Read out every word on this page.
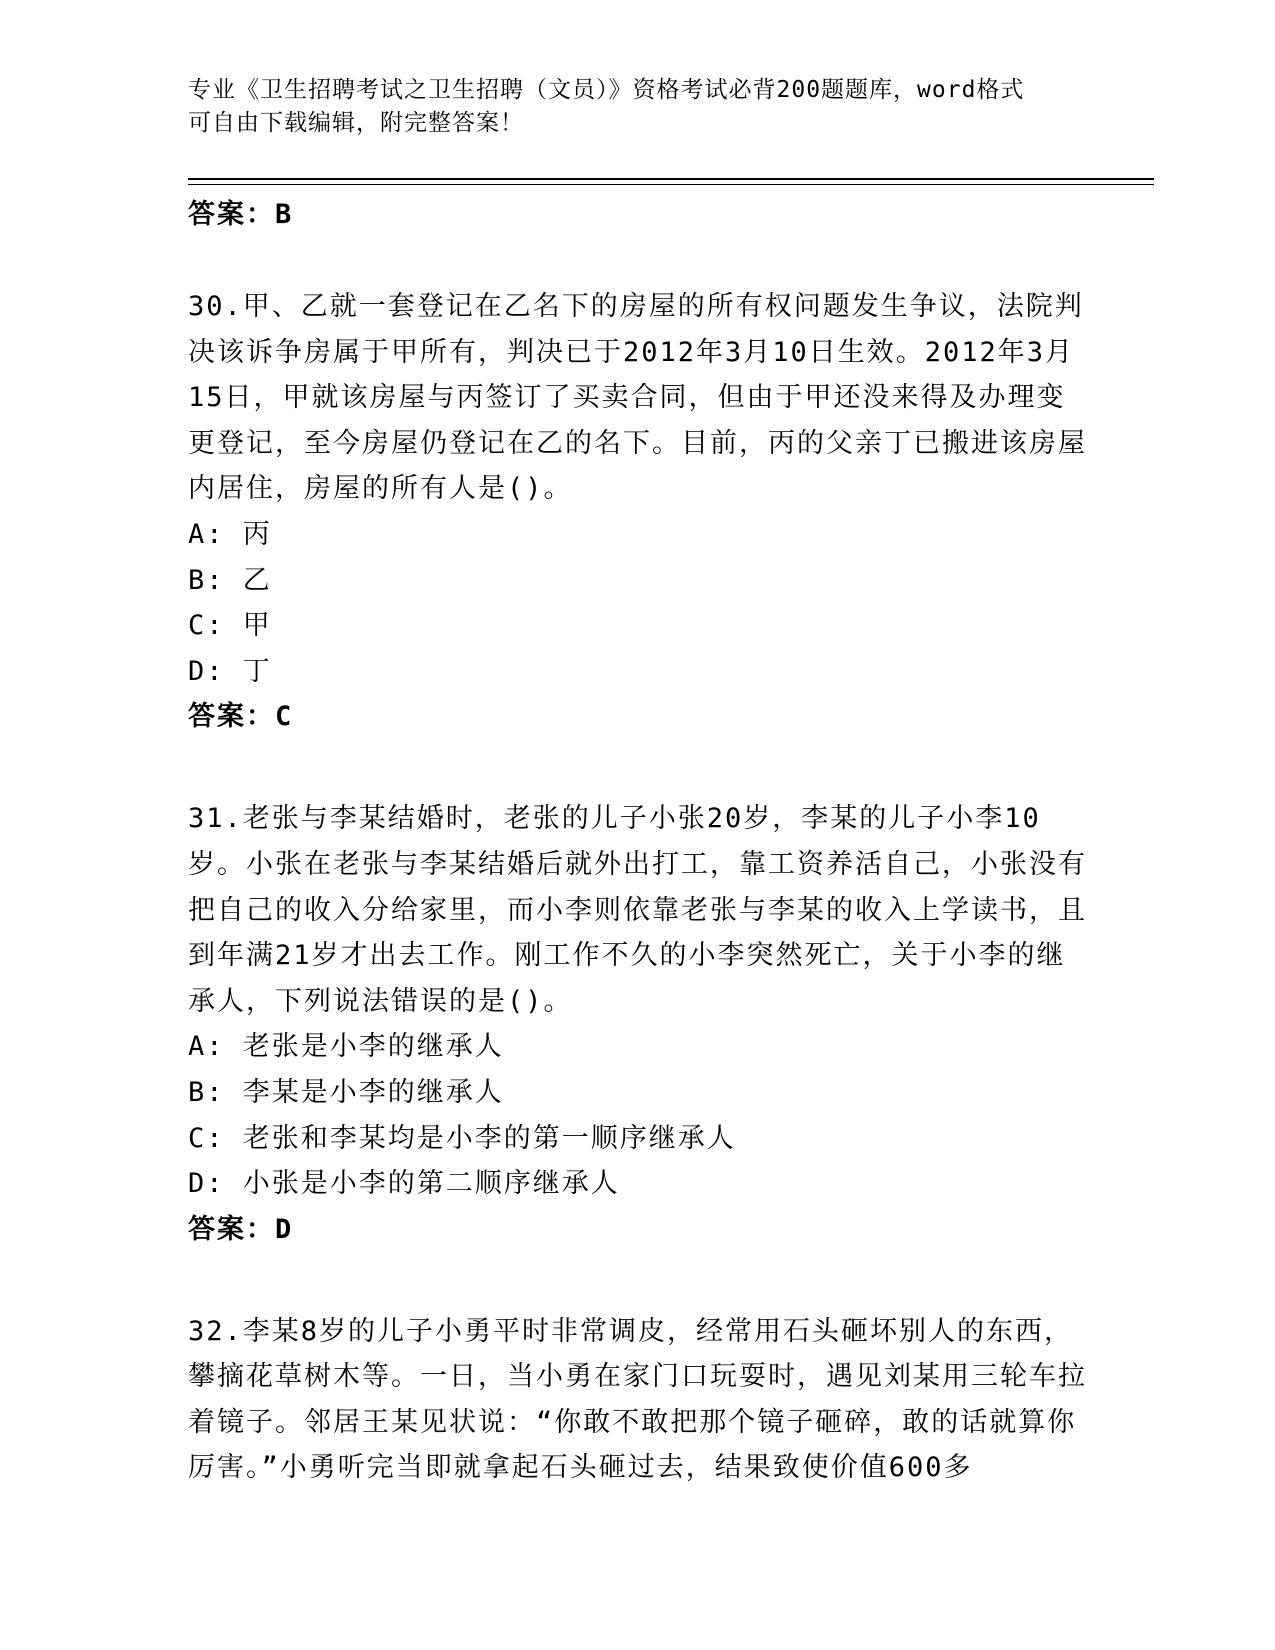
专业《卫生招聘考试之卫生招聘（文员）》资格考试必背200题题库，word格式
可自由下载编辑，附完整答案！

答案：B

30.甲、乙就一套登记在乙名下的房屋的所有权问题发生争议，法院判决该诉争房属于甲所有，判决已于2012年3月10日生效。2012年3月15日，甲就该房屋与丙签订了买卖合同，但由于甲还没来得及办理变更登记，至今房屋仍登记在乙的名下。目前，丙的父亲丁已搬进该房屋内居住，房屋的所有人是()。

A: 丙

B: 乙

C: 甲

D: 丁

答案：C

31.老张与李某结婚时，老张的儿子小张20岁，李某的儿子小李10岁。小张在老张与李某结婚后就外出打工，靠工资养活自己，小张没有把自己的收入分给家里，而小李则依靠老张与李某的收入上学读书，且到年满21岁才出去工作。刚工作不久的小李突然死亡，关于小李的继承人，下列说法错误的是()。

A: 老张是小李的继承人

B: 李某是小李的继承人

C: 老张和李某均是小李的第一顺序继承人

D: 小张是小李的第二顺序继承人

答案：D

32.李某8岁的儿子小勇平时非常调皮，经常用石头砸坏别人的东西，攀摘花草树木等。一日，当小勇在家门口玩耍时，遇见刘某用三轮车拉着镜子。邻居王某见状说：“你敢不敢把那个镜子砸碎，敢的话就算你厉害。”小勇听完当即就拿起石头砸过去，结果致使价值600多
